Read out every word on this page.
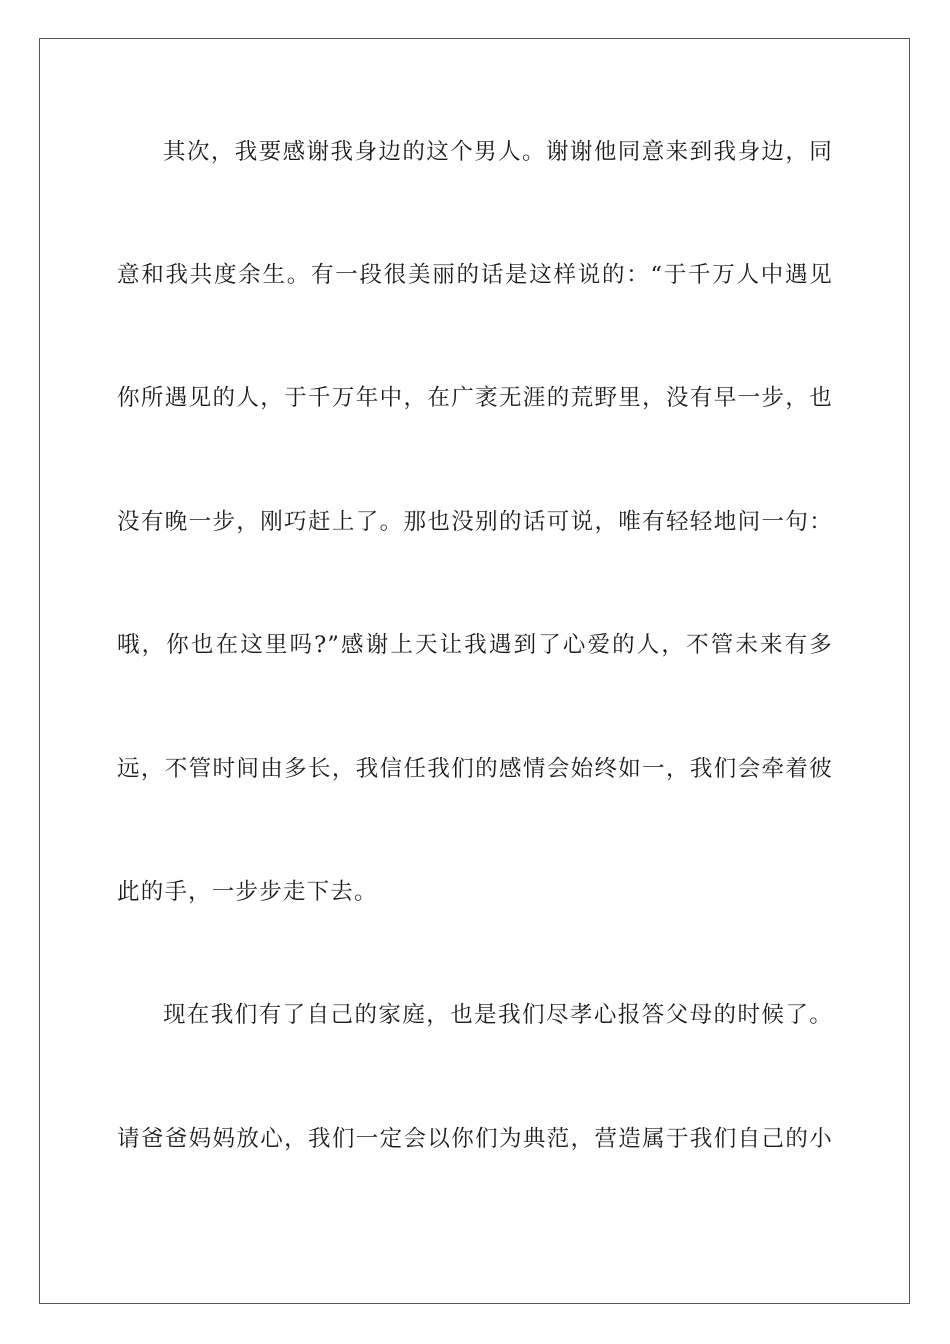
其次，我要感谢我身边的这个男人。谢谢他同意来到我身边，同
意和我共度余生。有一段很美丽的话是这样说的：“于千万人中遇见
你所遇见的人，于千万年中，在广袤无涯的荒野里，没有早一步，也
没有晚一步，刚巧赶上了。那也没别的话可说，唯有轻轻地问一句：
哦，你也在这里吗?”感谢上天让我遇到了心爱的人，不管未来有多
远，不管时间由多长，我信任我们的感情会始终如一，我们会牵着彼
此的手，一步步走下去。
现在我们有了自己的家庭，也是我们尽孝心报答父母的时候了。
请爸爸妈妈放心，我们一定会以你们为典范，营造属于我们自己的小
